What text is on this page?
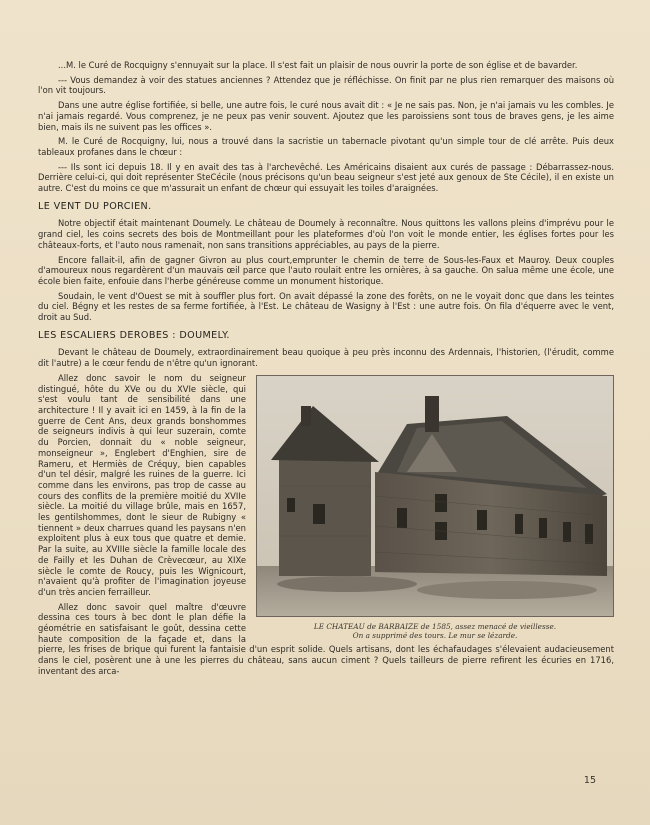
...M. le Curé de Rocquigny s'ennuyait sur la place. Il s'est fait un plaisir de nous ouvrir la porte de son église et de bavarder.

--- Vous demandez à voir des statues anciennes ? Attendez que je réfléchisse. On finit par ne plus rien remarquer des maisons où l'on vit toujours.

Dans une autre église fortifiée, si belle, une autre fois, le curé nous avait dit : « Je ne sais pas. Non, je n'ai jamais vu les combles. Je n'ai jamais regardé. Vous comprenez, je ne peux pas venir souvent. Ajoutez que les paroissiens sont tous de braves gens, je les aime bien, mais ils ne suivent pas les offices ».

M. le Curé de Rocquigny, lui, nous a trouvé dans la sacristie un tabernacle pivotant qu'un simple tour de clé arrête. Puis deux tableaux profanes dans le chœur :

--- Ils sont ici depuis 18. Il y en avait des tas à l'archevêché. Les Américains disaient aux curés de passage : Débarrassez-nous. Derrière celui-ci, qui doit représenter SteCécile (nous précisons qu'un beau seigneur s'est jeté aux genoux de Ste Cécile), il en existe un autre. C'est du moins ce que m'assurait un enfant de chœur qui essuyait les toiles d'araignées.

LE VENT DU PORCIEN.

Notre objectif était maintenant Doumely. Le château de Doumely à reconnaître. Nous quittons les vallons pleins d'imprévu pour le grand ciel, les coins secrets des bois de Montmeillant pour les plateformes d'où l'on voit le monde entier, les églises fortes pour les châteaux-forts, et l'auto nous ramenait, non sans transitions appréciables, au pays de la pierre.

Encore fallait-il, afin de gagner Givron au plus court,emprunter le chemin de terre de Sous-les-Faux et Mauroy. Deux couples d'amoureux nous regardèrent d'un mauvais œil parce que l'auto roulait entre les ornières, à sa gauche. On salua même une école, une école bien faite, enfouie dans l'herbe généreuse comme un monument historique.

Soudain, le vent d'Ouest se mit à souffler plus fort. On avait dépassé la zone des forêts, on ne le voyait donc que dans les teintes du ciel. Bégny et les restes de sa ferme fortifiée, à l'Est. Le château de Wasigny à l'Est : une autre fois. On fila d'équerre avec le vent, droit au Sud.

LES ESCALIERS DEROBES : DOUMELY.

Devant le château de Doumely, extraordinairement beau quoique à peu près inconnu des Ardennais, l'historien, (l'érudit, comme dit l'autre) a le cœur fendu de n'être qu'un ignorant.

LE CHATEAU de BARBAIZE de 1585, assez menacé de vieillesse.
On a supprimé des tours. Le mur se lézarde.

Allez donc savoir le nom du seigneur distingué, hôte du XVe ou du XVIe siècle, qui s'est voulu tant de sensibilité dans une architecture ! Il y avait ici en 1459, à la fin de la guerre de Cent Ans, deux grands bonshommes de seigneurs indivis à qui leur suzerain, comte du Porcien, donnait du « noble seigneur, monseigneur », Englebert d'Enghien, sire de Rameru, et Hermiès de Créquy, bien capables d'un tel désir, malgré les ruines de la guerre. Ici comme dans les environs, pas trop de casse au cours des conflits de la première moitié du XVIIe siècle. La moitié du village brûle, mais en 1657, les gentilshommes, dont le sieur de Rubigny « tiennent » deux charrues quand les paysans n'en exploitent plus à eux tous que quatre et demie. Par la suite, au XVIIIe siècle la famille locale des de Failly et les Duhan de Crèvecœur, au XIXe siècle le comte de Roucy, puis les Wignicourt, n'avaient qu'à profiter de l'imagination joyeuse d'un très ancien ferrailleur.

Allez donc savoir quel maître d'œuvre dessina ces tours à bec dont le plan défie la géométrie en satisfaisant le goût, dessina cette haute composition de la façade et, dans la pierre, les frises de brique qui furent la fantaisie d'un esprit solide. Quels artisans, dont les échafaudages s'élevaient audacieusement dans le ciel, posèrent une à une les pierres du château, sans aucun ciment ? Quels tailleurs de pierre refirent les écuries en 1716, inventant des arca-

15
